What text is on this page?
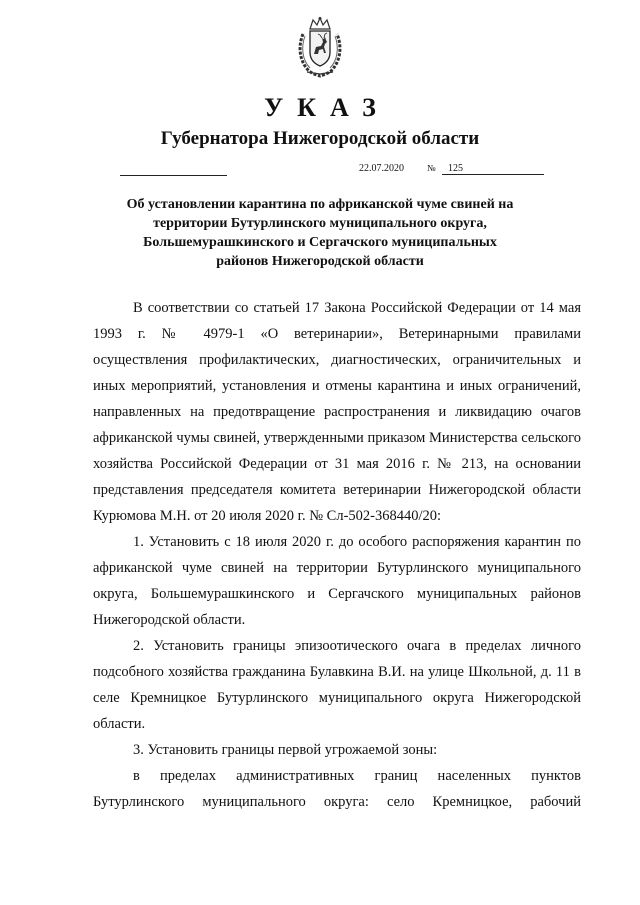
УКАЗ
Губернатора Нижегородской области
22.07.2020	№	125
Об установлении карантина по африканской чуме свиней на
территории Бутурлинского муниципального округа,
Большемурашкинского и Сергачского муниципальных
районов Нижегородской области

В соответствии со статьей 17 Закона Российской Федерации от 14 мая 1993 г. № 4979-1 «О ветеринарии», Ветеринарными правилами осуществления профилактических, диагностических, ограничительных и иных мероприятий, установления и отмены карантина и иных ограничений, направленных на предотвращение распространения и ликвидацию очагов африканской чумы свиней, утвержденными приказом Министерства сельского хозяйства Российской Федерации от 31 мая 2016 г. № 213, на основании представления председателя комитета ветеринарии Нижегородской области Курюмова М.Н. от 20 июля 2020 г. № Сл-502-368440/20:

1. Установить с 18 июля 2020 г. до особого распоряжения карантин по африканской чуме свиней на территории Бутурлинского муниципального округа, Большемурашкинского и Сергачского муниципальных районов Нижегородской области.

2. Установить границы эпизоотического очага в пределах личного подсобного хозяйства гражданина Булавкина В.И. на улице Школьной, д. 11 в селе Кремницкое Бутурлинского муниципального округа Нижегородской области.

3. Установить границы первой угрожаемой зоны:

в пределах административных границ населенных пунктов Бутурлинского муниципального округа: село Кремницкое, рабочий
